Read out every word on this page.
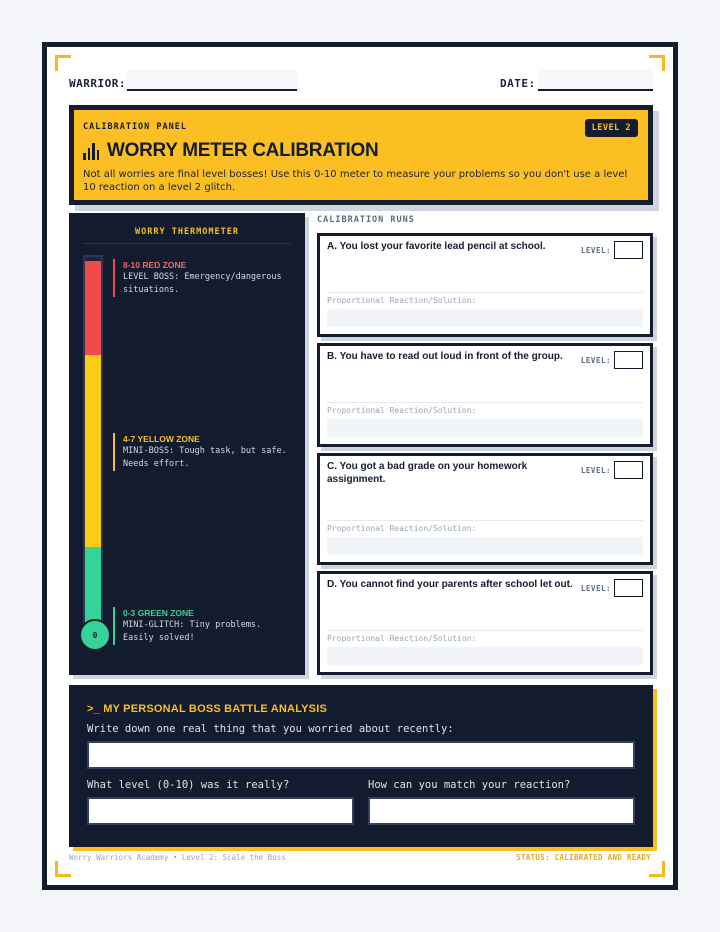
WARRIOR:	DATE:
CALIBRATION PANEL	LEVEL 2
WORRY METER CALIBRATION

Not all worries are final level bosses! Use this 0-10 meter to measure your problems so you don't use a level 10 reaction on a level 2 glitch.

WORRY THERMOMETER
0
8-10 RED ZONE
LEVEL BOSS: Emergency/dangerous situations.
4-7 YELLOW ZONE
MINI-BOSS: Tough task, but safe. Needs effort.
0-3 GREEN ZONE
MINI-GLITCH: Tiny problems. Easily solved!
CALIBRATION RUNS
A. You lost your favorite lead pencil at school.	LEVEL:
Proportional Reaction/Solution:
B. You have to read out loud in front of the group.	LEVEL:
Proportional Reaction/Solution:
C. You got a bad grade on your homework assignment.
LEVEL:
Proportional Reaction/Solution:
D. You cannot find your parents after school let out.	LEVEL:
Proportional Reaction/Solution:
>_ MY PERSONAL BOSS BATTLE ANALYSIS
Write down one real thing that you worried about recently:
What level (0-10) was it really?	How can you match your reaction?
Worry Warriors Academy • Level 2: Scale the Boss	STATUS: CALIBRATED AND READY
